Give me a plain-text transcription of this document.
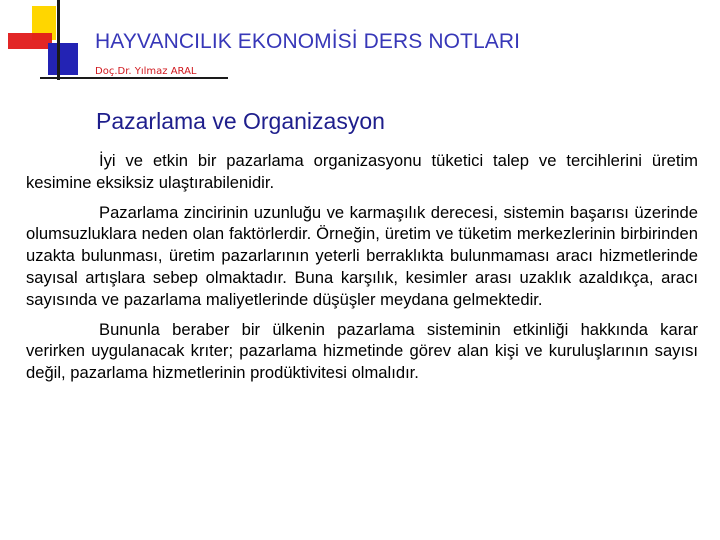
HAYVANCILIK EKONOMİSİ DERS NOTLARI
Doç.Dr. Yılmaz ARAL
Pazarlama ve Organizasyon

İyi ve etkin bir pazarlama organizasyonu tüketici talep ve tercihlerini üretim kesimine eksiksiz ulaştırabilenidir.

Pazarlama zincirinin uzunluğu ve karmaşılık derecesi, sistemin başarısı üzerinde olumsuzluklara neden olan faktörlerdir. Örneğin, üretim ve tüketim merkezlerinin birbirinden uzakta bulunması, üretim pazarlarının yeterli berraklıkta bulunmaması aracı hizmetlerinde sayısal artışlara sebep olmaktadır. Buna karşılık, kesimler arası uzaklık azaldıkça, aracı sayısında ve pazarlama maliyetlerinde düşüşler meydana gelmektedir.

Bununla beraber bir ülkenin pazarlama sisteminin etkinliği hakkında karar verirken uygulanacak krıter; pazarlama hizmetinde görev alan kişi ve kuruluşlarının sayısı değil, pazarlama hizmetlerinin prodüktivitesi olmalıdır.
